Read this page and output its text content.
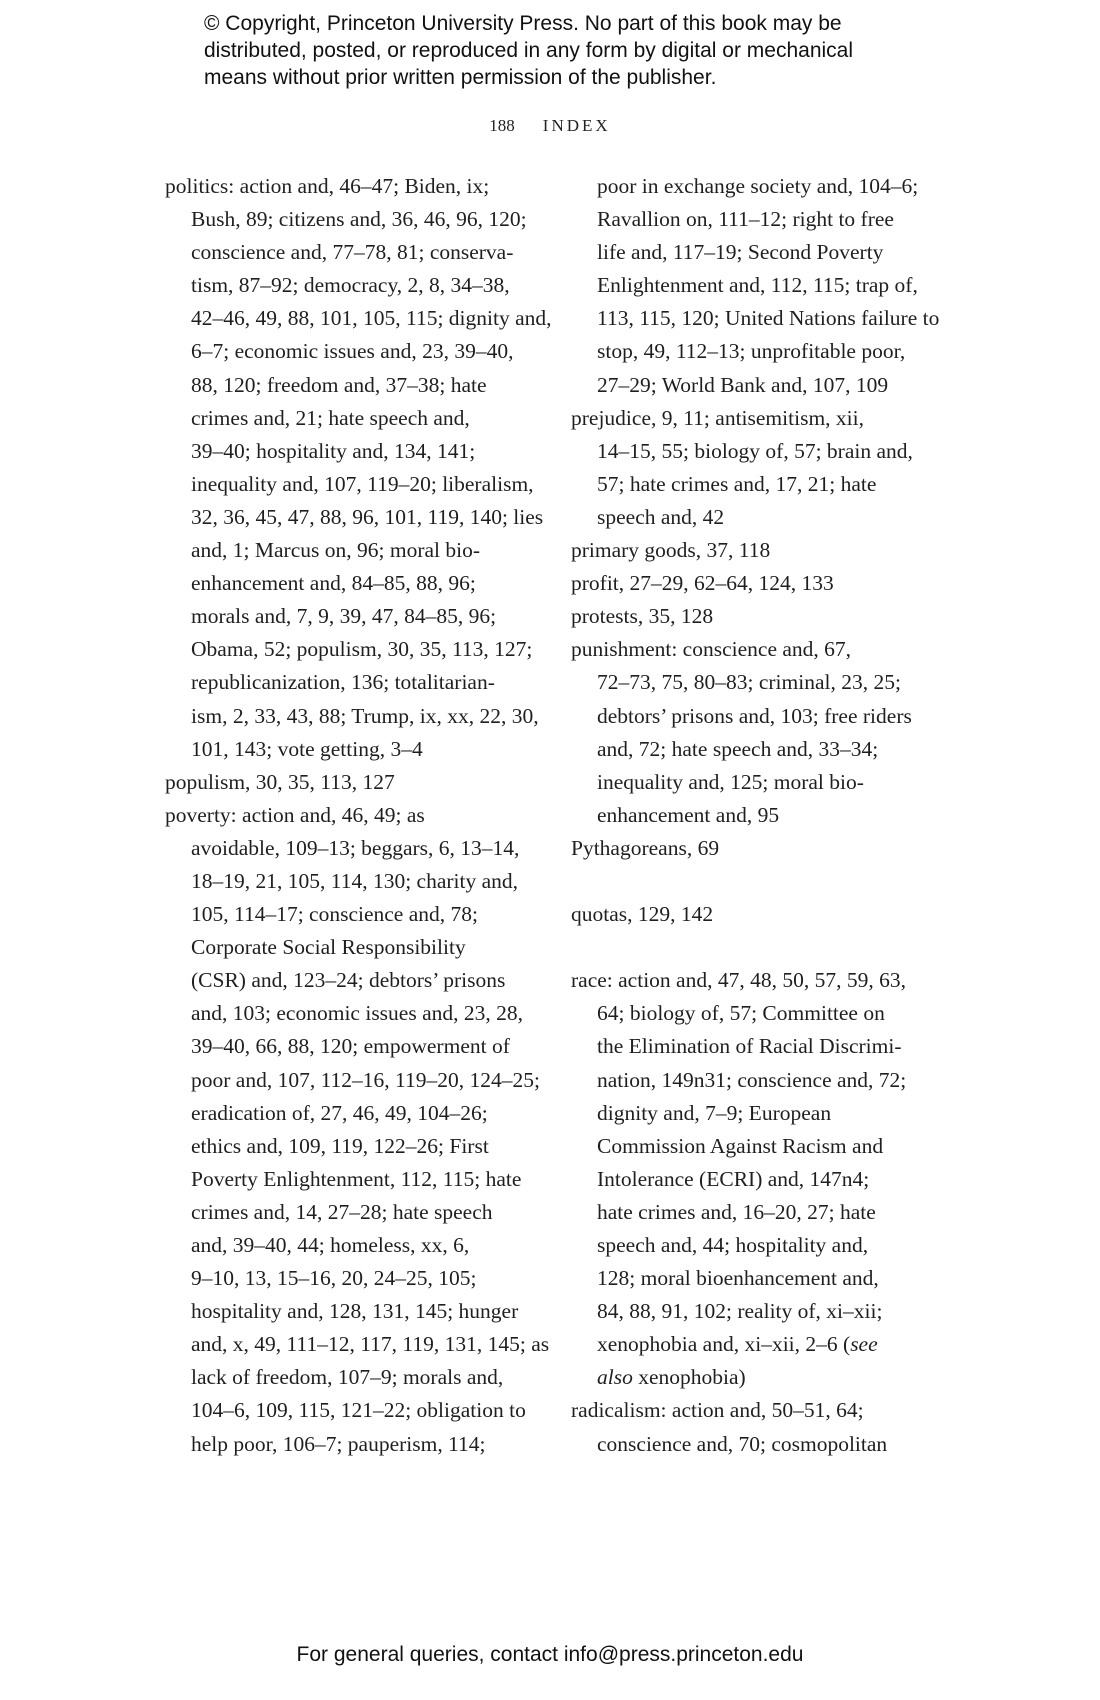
© Copyright, Princeton University Press. No part of this book may be
distributed, posted, or reproduced in any form by digital or mechanical
means without prior written permission of the publisher.
188 INDEX
politics: action and, 46–47; Biden, ix;
Bush, 89; citizens and, 36, 46, 96, 120;
conscience and, 77–78, 81; conserva-
tism, 87–92; democracy, 2, 8, 34–38,
42–46, 49, 88, 101, 105, 115; dignity and,
6–7; economic issues and, 23, 39–40,
88, 120; freedom and, 37–38; hate
crimes and, 21; hate speech and,
39–40; hospitality and, 134, 141;
inequality and, 107, 119–20; liberalism,
32, 36, 45, 47, 88, 96, 101, 119, 140; lies
and, 1; Marcus on, 96; moral bio-
enhancement and, 84–85, 88, 96;
morals and, 7, 9, 39, 47, 84–85, 96;
Obama, 52; populism, 30, 35, 113, 127;
republicanization, 136; totalitarian-
ism, 2, 33, 43, 88; Trump, ix, xx, 22, 30,
101, 143; vote getting, 3–4
populism, 30, 35, 113, 127
poverty: action and, 46, 49; as
avoidable, 109–13; beggars, 6, 13–14,
18–19, 21, 105, 114, 130; charity and,
105, 114–17; conscience and, 78;
Corporate Social Responsibility
(CSR) and, 123–24; debtors’ prisons
and, 103; economic issues and, 23, 28,
39–40, 66, 88, 120; empowerment of
poor and, 107, 112–16, 119–20, 124–25;
eradication of, 27, 46, 49, 104–26;
ethics and, 109, 119, 122–26; First
Poverty Enlightenment, 112, 115; hate
crimes and, 14, 27–28; hate speech
and, 39–40, 44; homeless, xx, 6,
9–10, 13, 15–16, 20, 24–25, 105;
hospitality and, 128, 131, 145; hunger
and, x, 49, 111–12, 117, 119, 131, 145; as
lack of freedom, 107–9; morals and,
104–6, 109, 115, 121–22; obligation to
help poor, 106–7; pauperism, 114;
poor in exchange society and, 104–6;
Ravallion on, 111–12; right to free
life and, 117–19; Second Poverty
Enlightenment and, 112, 115; trap of,
113, 115, 120; United Nations failure to
stop, 49, 112–13; unprofitable poor,
27–29; World Bank and, 107, 109
prejudice, 9, 11; antisemitism, xii,
14–15, 55; biology of, 57; brain and,
57; hate crimes and, 17, 21; hate
speech and, 42
primary goods, 37, 118
profit, 27–29, 62–64, 124, 133
protests, 35, 128
punishment: conscience and, 67,
72–73, 75, 80–83; criminal, 23, 25;
debtors’ prisons and, 103; free riders
and, 72; hate speech and, 33–34;
inequality and, 125; moral bio-
enhancement and, 95
Pythagoreans, 69
quotas, 129, 142
race: action and, 47, 48, 50, 57, 59, 63,
64; biology of, 57; Committee on
the Elimination of Racial Discrimi-
nation, 149n31; conscience and, 72;
dignity and, 7–9; European
Commission Against Racism and
Intolerance (ECRI) and, 147n4;
hate crimes and, 16–20, 27; hate
speech and, 44; hospitality and,
128; moral bioenhancement and,
84, 88, 91, 102; reality of, xi–xii;
xenophobia and, xi–xii, 2–6 (see
also xenophobia)
radicalism: action and, 50–51, 64;
conscience and, 70; cosmopolitan
For general queries, contact info@press.princeton.edu
